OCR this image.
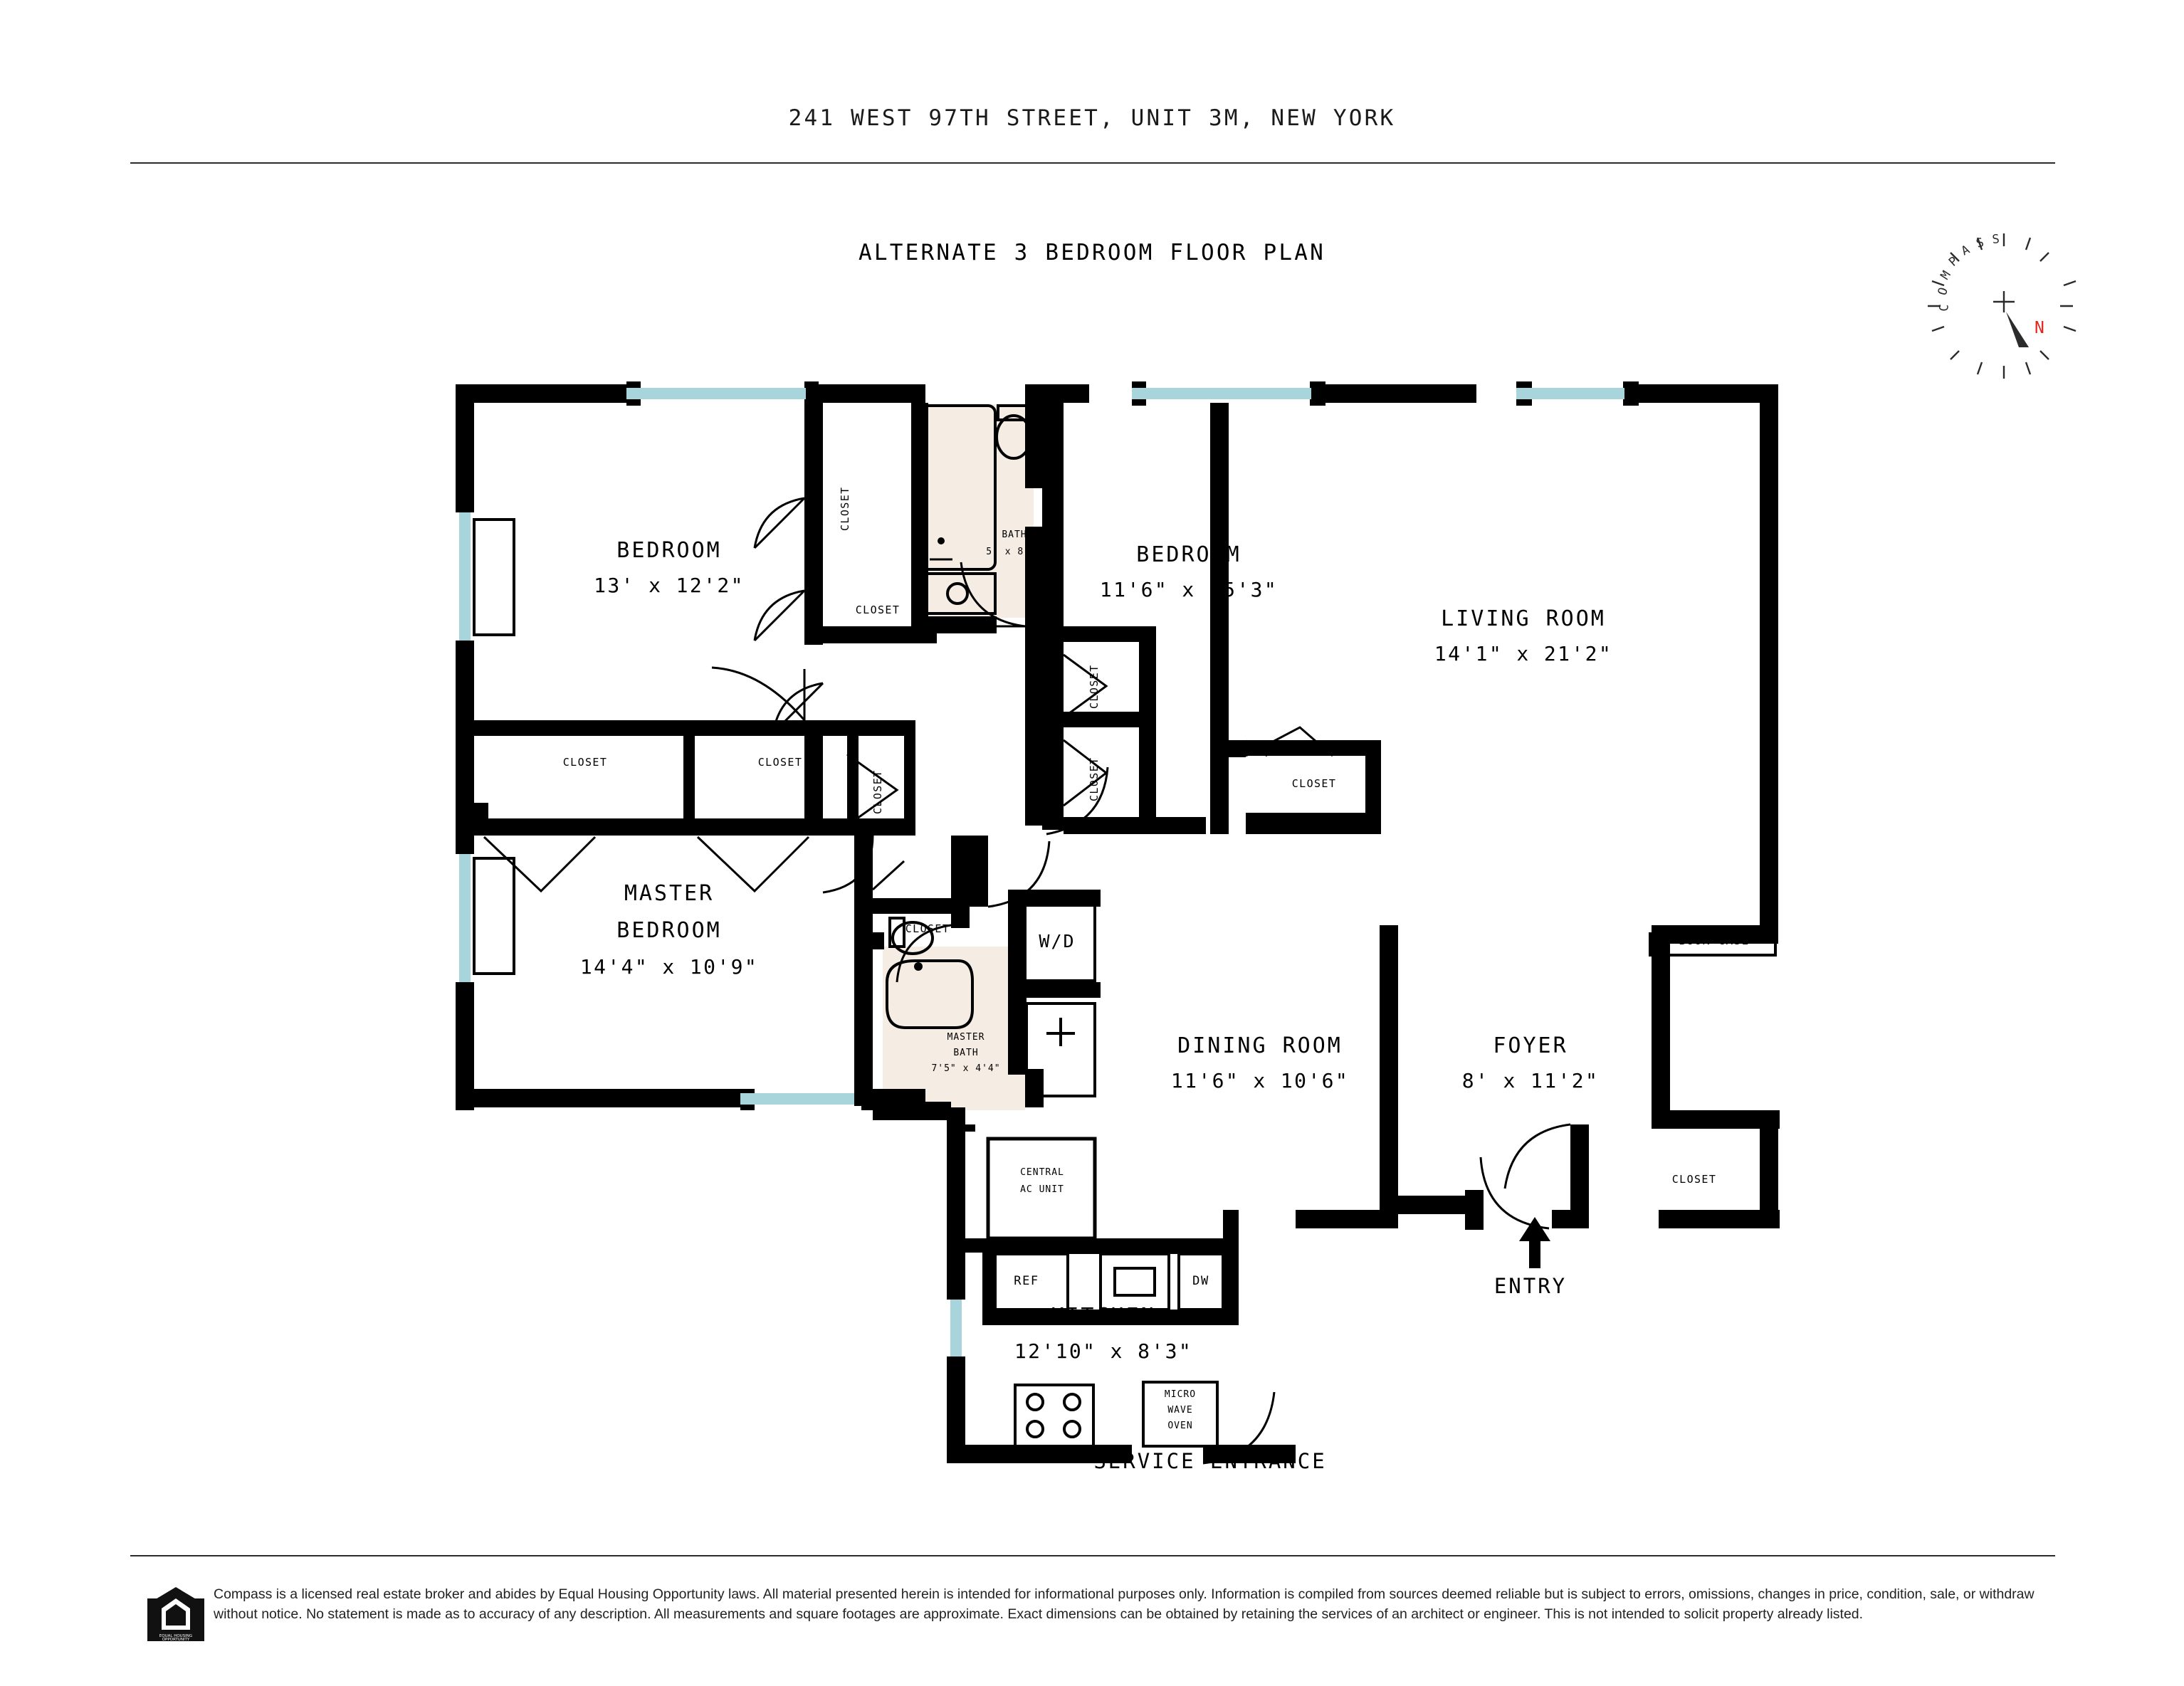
241 WEST 97TH STREET, UNIT 3M, NEW YORK
ALTERNATE 3 BEDROOM FLOOR PLAN
N
C
O
M
P
A S S
BEDROOM
13' x 12'2"
BEDROOM
11'6" x 15'3"
LIVING ROOM
14'1" x 21'2"
MASTER
BEDROOM
14'4" x 10'9"
DINING ROOM
11'6" x 10'6"
FOYER
8' x 11'2"
KITCHEN
12'10" x 8'3"
BATH
5' x 8'2"
MASTER
BATH
7'5" x 4'4"
CLOSET
CLOSET
CLOSET	CLOSET
CLOSET
CLOSET
CLOSET	CLOSET
CLOSET
CLOSET
BOOK CASE
BOOK CASE
W/D
CENTRAL
AC UNIT
REF	DW
MICRO
WAVE
OVEN
ENTRY
SERVICE ENTRANCE
EQUAL HOUSING
OPPORTUNITY
Compass is a licensed real estate broker and abides by Equal Housing Opportunity laws. All material presented herein is intended for informational purposes only. Information is compiled from sources deemed reliable but is subject to errors, omissions, changes in price, condition, sale, or withdraw without notice. No statement is made as to accuracy of any description. All measurements and square footages are approximate. Exact dimensions can be obtained by retaining the services of an architect or engineer. This is not intended to solicit property already listed.
